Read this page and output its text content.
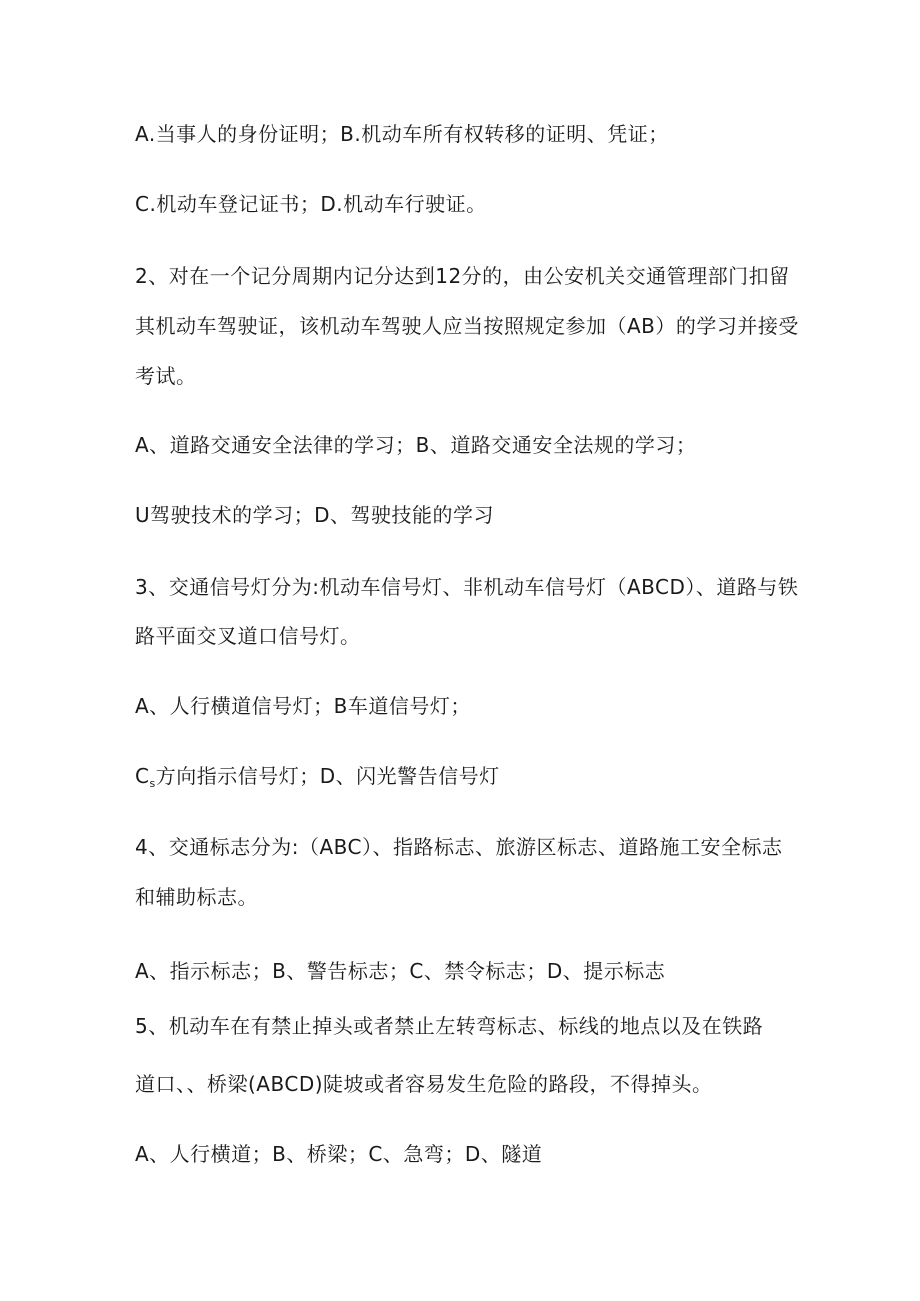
A.当事人的身份证明；B.机动车所有权转移的证明、凭证；
C.机动车登记证书；D.机动车行驶证。
2、对在一个记分周期内记分达到12分的，由公安机关交通管理部门扣留
其机动车驾驶证，该机动车驾驶人应当按照规定参加（AB）的学习并接受
考试。
A、道路交通安全法律的学习；B、道路交通安全法规的学习；
U驾驶技术的学习；D、驾驶技能的学习
3、交通信号灯分为:机动车信号灯、非机动车信号灯（ABCD）、道路与铁
路平面交叉道口信号灯。
A、人行横道信号灯；B车道信号灯；
$C_s$方向指示信号灯；D、闪光警告信号灯
4、交通标志分为:（ABC）、指路标志、旅游区标志、道路施工安全标志
和辅助标志。
A、指示标志；B、警告标志；C、禁令标志；D、提示标志
5、机动车在有禁止掉头或者禁止左转弯标志、标线的地点以及在铁路
道口、、桥梁(ABCD)陡坡或者容易发生危险的路段，不得掉头。
A、人行横道；B、桥梁；C、急弯；D、隧道
